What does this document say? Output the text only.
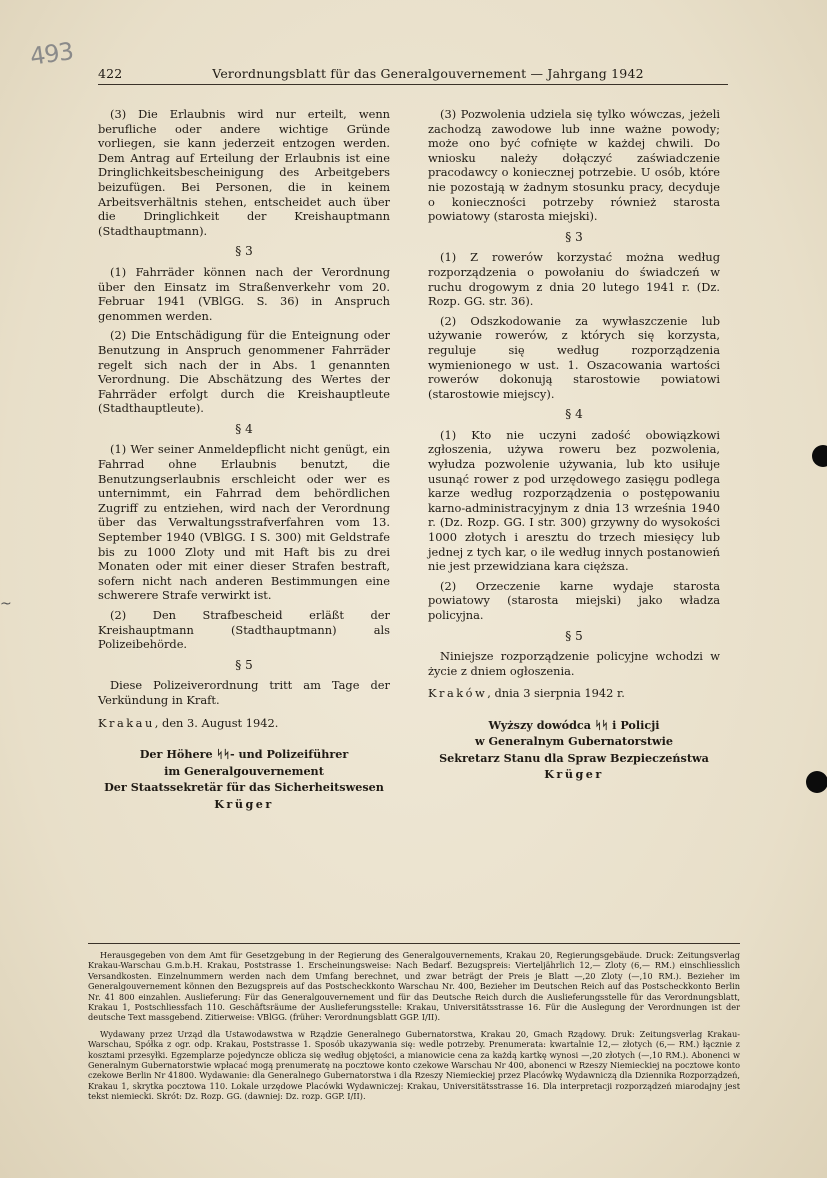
493
~
422	Verordnungsblatt für das Generalgouvernement — Jahrgang 1942

(3) Die Erlaubnis wird nur erteilt, wenn berufliche oder andere wichtige Gründe vorliegen, sie kann jederzeit entzogen werden. Dem Antrag auf Erteilung der Erlaubnis ist eine Dringlichkeitsbescheinigung des Arbeitgebers beizufügen. Bei Personen, die in keinem Arbeitsverhältnis stehen, entscheidet auch über die Dringlichkeit der Kreishauptmann (Stadthauptmann).

§ 3

(1) Fahrräder können nach der Verordnung über den Einsatz im Straßenverkehr vom 20. Februar 1941 (VBlGG. S. 36) in Anspruch genommen werden.

(2) Die Entschädigung für die Enteignung oder Benutzung in Anspruch genommener Fahrräder regelt sich nach der in Abs. 1 genannten Verordnung. Die Abschätzung des Wertes der Fahrräder erfolgt durch die Kreishauptleute (Stadthauptleute).

§ 4

(1) Wer seiner Anmeldepflicht nicht genügt, ein Fahrrad ohne Erlaubnis benutzt, die Benutzungserlaubnis erschleicht oder wer es unternimmt, ein Fahrrad dem behördlichen Zugriff zu entziehen, wird nach der Verordnung über das Verwaltungsstrafverfahren vom 13. September 1940 (VBlGG. I S. 300) mit Geldstrafe bis zu 1000 Zloty und mit Haft bis zu drei Monaten oder mit einer dieser Strafen bestraft, sofern nicht nach anderen Bestimmungen eine schwerere Strafe verwirkt ist.

(2) Den Strafbescheid erläßt der Kreishauptmann (Stadthauptmann) als Polizeibehörde.

§ 5

Diese Polizeiverordnung tritt am Tage der Verkündung in Kraft.

Krakau, den 3. August 1942.

Der Höhere ᛋᛋ- und Polizeiführer
im Generalgouvernement
Der Staatssekretär für das Sicherheitswesen
Krüger

(3) Pozwolenia udziela się tylko wówczas, jeżeli zachodzą zawodowe lub inne ważne powody; może ono być cofnięte w każdej chwili. Do wniosku należy dołączyć zaświadczenie pracodawcy o koniecznej potrzebie. U osób, które nie pozostają w żadnym stosunku pracy, decyduje o konieczności potrzeby również starosta powiatowy (starosta miejski).

§ 3

(1) Z rowerów korzystać można według rozporządzenia o powołaniu do świadczeń w ruchu drogowym z dnia 20 lutego 1941 r. (Dz. Rozp. GG. str. 36).

(2) Odszkodowanie za wywłaszczenie lub używanie rowerów, z których się korzysta, reguluje się według rozporządzenia wymienionego w ust. 1. Oszacowania wartości rowerów dokonują starostowie powiatowi (starostowie miejscy).

§ 4

(1) Kto nie uczyni zadość obowiązkowi zgłoszenia, używa roweru bez pozwolenia, wyłudza pozwolenie używania, lub kto usiłuje usunąć rower z pod urzędowego zasięgu podlega karze według rozporządzenia o postępowaniu karno-administracyjnym z dnia 13 września 1940 r. (Dz. Rozp. GG. I str. 300) grzywny do wysokości 1000 złotych i aresztu do trzech miesięcy lub jednej z tych kar, o ile według innych postanowień nie jest przewidziana kara cięższa.

(2) Orzeczenie karne wydaje starosta powiatowy (starosta miejski) jako władza policyjna.

§ 5

Niniejsze rozporządzenie policyjne wchodzi w życie z dniem ogłoszenia.

Kraków, dnia 3 sierpnia 1942 r.

Wyższy dowódca ᛋᛋ i Policji
w Generalnym Gubernatorstwie
Sekretarz Stanu dla Spraw Bezpieczeństwa
Krüger

Herausgegeben von dem Amt für Gesetzgebung in der Regierung des Generalgouvernements, Krakau 20, Regierungsgebäude. Druck: Zeitungsverlag Krakau-Warschau G.m.b.H. Krakau, Poststrasse 1. Erscheinungsweise: Nach Bedarf. Bezugspreis: Vierteljährlich 12,— Zloty (6,— RM.) einschliesslich Versandkosten. Einzelnummern werden nach dem Umfang berechnet, und zwar beträgt der Preis je Blatt —,20 Zloty (—,10 RM.). Bezieher im Generalgouvernement können den Bezugspreis auf das Postscheckkonto Warschau Nr. 400, Bezieher im Deutschen Reich auf das Postscheckkonto Berlin Nr. 41 800 einzahlen. Auslieferung: Für das Generalgouvernement und für das Deutsche Reich durch die Auslieferungsstelle für das Verordnungsblatt, Krakau 1, Postschliessfach 110. Geschäftsräume der Auslieferungsstelle: Krakau, Universitätsstrasse 16. Für die Auslegung der Verordnungen ist der deutsche Text massgebend. Zitierweise: VBlGG. (früher: Verordnungsblatt GGP. I/II).

Wydawany przez Urząd dla Ustawodawstwa w Rządzie Generalnego Gubernatorstwa, Krakau 20, Gmach Rządowy. Druk: Zeitungsverlag Krakau-Warschau, Spółka z ogr. odp. Krakau, Poststrasse 1. Sposób ukazywania się: wedle potrzeby. Prenumerata: kwartalnie 12,— złotych (6,— RM.) łącznie z kosztami przesyłki. Egzemplarze pojedyncze oblicza się według objętości, a mianowicie cena za każdą kartkę wynosi —,20 złotych (—,10 RM.). Abonenci w Generalnym Gubernatorstwie wpłacać mogą prenumeratę na pocztowe konto czekowe Warschau Nr 400, abonenci w Rzeszy Niemieckiej na pocztowe konto czekowe Berlin Nr 41800. Wydawanie: dla Generalnego Gubernatorstwa i dla Rzeszy Niemieckiej przez Placówkę Wydawniczą dla Dziennika Rozporządzeń, Krakau 1, skrytka pocztowa 110. Lokale urzędowe Placówki Wydawniczej: Krakau, Universitätsstrasse 16. Dla interpretacji rozporządzeń miarodajny jest tekst niemiecki. Skrót: Dz. Rozp. GG. (dawniej: Dz. rozp. GGP. I/II).
